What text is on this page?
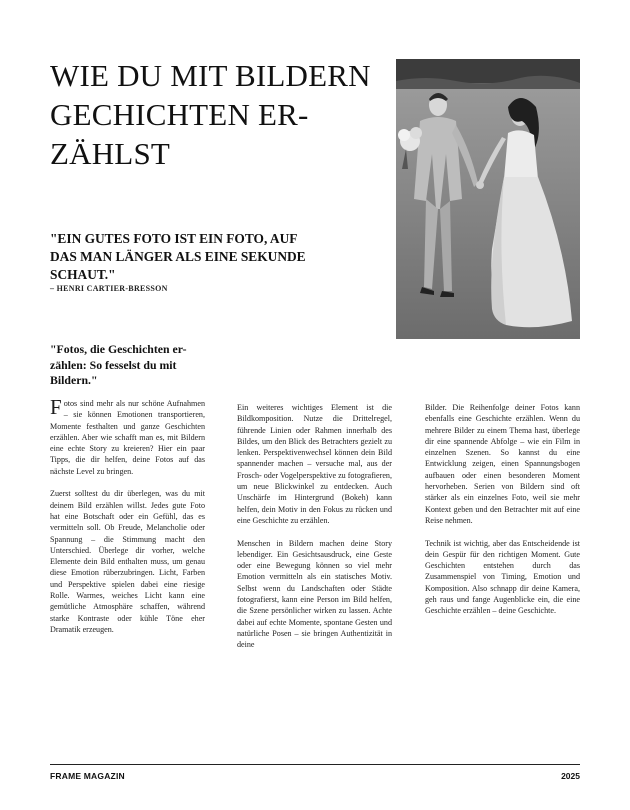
WIE DU MIT BILDERN
GECHICHTEN ER-
ZÄHLST

"EIN GUTES FOTO IST EIN FOTO, AUF
DAS MAN LÄNGER ALS EINE SEKUNDE
SCHAUT."

– HENRI CARTIER-BRESSON

"Fotos, die Geschichten er-
zählen: So fesselst du mit
Bildern."

Fotos sind mehr als nur schöne Aufnahmen – sie können Emotionen transportieren, Momente festhalten und ganze Geschichten erzählen. Aber wie schafft man es, mit Bildern eine echte Story zu kreieren? Hier ein paar Tipps, die dir helfen, deine Fotos auf das nächste Level zu bringen.

Zuerst solltest du dir überlegen, was du mit deinem Bild erzählen willst. Jedes gute Foto hat eine Botschaft oder ein Gefühl, das es vermitteln soll. Ob Freude, Melancholie oder Spannung – die Stimmung macht den Unterschied. Überlege dir vorher, welche Elemente dein Bild enthalten muss, um genau diese Emotion rüberzubringen. Licht, Farben und Perspektive spielen dabei eine riesige Rolle. Warmes, weiches Licht kann eine gemütliche Atmosphäre schaffen, während starke Kontraste oder kühle Töne eher Dramatik erzeugen.

Ein weiteres wichtiges Element ist die Bildkomposition. Nutze die Drittelregel, führende Linien oder Rahmen innerhalb des Bildes, um den Blick des Betrachters gezielt zu lenken. Perspektivenwechsel können dein Bild spannender machen – versuche mal, aus der Frosch- oder Vogelperspektive zu fotografieren, um neue Blickwinkel zu entdecken. Auch Unschärfe im Hintergrund (Bokeh) kann helfen, dein Motiv in den Fokus zu rücken und eine Geschichte zu erzählen.

Menschen in Bildern machen deine Story lebendiger. Ein Gesichtsausdruck, eine Geste oder eine Bewegung können so viel mehr Emotion vermitteln als ein statisches Motiv. Selbst wenn du Landschaften oder Städte fotografierst, kann eine Person im Bild helfen, die Szene persönlicher wirken zu lassen. Achte dabei auf echte Momente, spontane Gesten und natürliche Posen – sie bringen Authentizität in deine

Bilder. Die Reihenfolge deiner Fotos kann ebenfalls eine Geschichte erzählen. Wenn du mehrere Bilder zu einem Thema hast, überlege dir eine spannende Abfolge – wie ein Film in einzelnen Szenen. So kannst du eine Entwicklung zeigen, einen Spannungsbogen aufbauen oder einen besonderen Moment hervorheben. Serien von Bildern sind oft stärker als ein einzelnes Foto, weil sie mehr Kontext geben und den Betrachter mit auf eine Reise nehmen.

Technik ist wichtig, aber das Entscheidende ist dein Gespür für den richtigen Moment. Gute Geschichten entstehen durch das Zusammenspiel von Timing, Emotion und Komposition. Also schnapp dir deine Kamera, geh raus und fange Augenblicke ein, die eine Geschichte erzählen – deine Geschichte.

FRAME MAGAZIN	2025
